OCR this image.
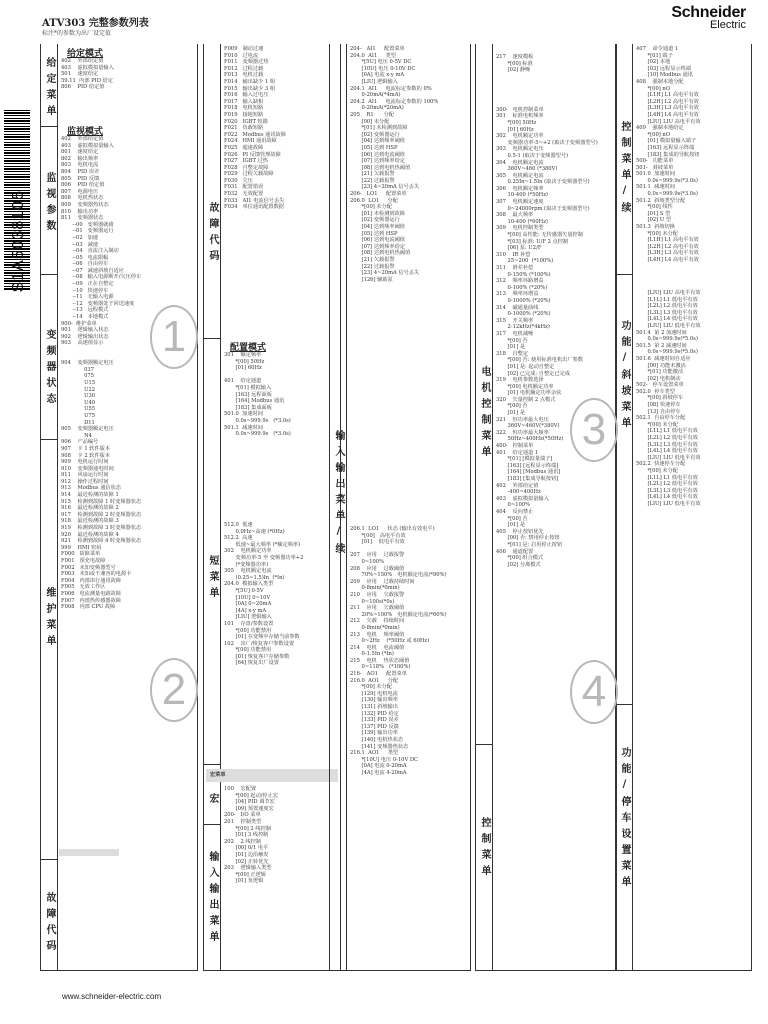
ATV303 完整参数列表
标注*的参数为出厂设定值
Schneider
Electric
S1A5038105
给定菜单
监视参数
变频器状态
维护菜单
故障代码
给定模式
402    外部给定值
403    虚拟模拟量输入
501    速度给定
59.11  内部 PID 给定
806    PID 给定值
监视模式
402    外部给定值
403    虚拟模拟量输入
801    速度给定
802    输出频率
803    电机电流
804    PID 误差
805    PID 反馈
806    PID 给定值
807    电源电压
808    电机热状态
809    变频器热状态
810    输出功率
811    变频器状态
--00   变频器就绪
--01   变频器运行
--02   加速
--03   减速
--04   直流注入制动
--05   电流限幅
--06   自由停车
--07   减速斜坡自适应
--08   输入电源断开/欠压停车
--09   正在自整定
--10   快速停车
--11   无输入电源
--12   变频器处于回送速度
--13   远程模式
--14   本地模式
900-  维护菜单
901    逻辑输入状态
902    逻辑输出状态
903    高速值显示

904    变频器额定电压
037
075
U15
U22
U30
U40
U55
U75
D11
905    变频器额定电压
N4
906    产品编号
907    卡 1 软件版本
908    卡 2 软件版本
909    电机运行时间
910    变频器通电时间
911    风扇运行时间
912    操作过程时间
913    Modbus 通信状态
914    最近检测的故障 1
915    检测到故障 1 时变频器状态
916    最近检测的故障 2
917    检测到故障 2 时变频器状态
918    最近检测的故障 3
919    检测到故障 3 时变频器状态
920    最近检测的故障 4
921    检测到故障 4 时变频器状态
999    HMI 密码
F000   故障菜单
F001   预充电故障
F002   未知变频器型号
F003   未知或不兼容的电源卡
F004   内部串行通讯故障
F005   无效工作区
F006   电流测量电路故障
F007   内部热传感器故障
F008   内部 CPU 故障
故障代码
短菜单
宏
输入输出菜单
F009   制动过速
F010   过电流
F011   变频器过热
F012   过程过载
F013   电机过载
F014   输出缺少 1 相
F015   输出缺少 3 相
F016   输入过电压
F017   输入缺相
F018   电机短路
F019   接地短路
F020   IGBT 短路
F021   负载短路
F022   Modbus 通讯故障
F024   HMI 通讯故障
F025   超速故障
F026   PI 反馈管理故障
F027   IGBT 过热
F028   自整定故障
F029   过程欠载故障
F030   欠压
F031   配置错误
F032   无效配置
F033   AI1 电流信号丢失
F034   单位通讯配置数据
配置模式
301    额定频率
*[00] 50Hz
[01] 60Hz

401    给定通道
*[01] 模拟输入
[163] 远程面板
[164] Modbus 通讯
[183] 集成面板
501.0  加速时间
0.0s~999.9s   (*3.0s)
501.1  减速时间
0.0s~999.9s   (*3.0s)
512.0  低速
0.0Hz~高速 (*0Hz)
512.2  高速
低速~最大频率 (*额定频率)
302    电机额定功率
变频功率-5 至 变频器功率+2
(*变频器功率)
305    电机额定电流
(0.25~1.5)In  (*In)
204.0  模拟输入类型
*[5U] 0-5V
[10U] 0~10V
[0A] 0~20mA
[4A] x-y mA
[LIU] 逻辑输入
101    存盘/参数设置
*[00] 功能禁用
[01] 在变频中存储当前参数
102    出厂/恢复客户参数设置
*[00] 功能禁用
[01] 恢复客户存储参数
[64] 恢复出厂设置
宏菜单
100    宏配置
*[00] 起动/停止宏
[04] PID 调节宏
[09] 预置速度宏
200-   I/O 菜单
201    控制类型
*[00] 2 线控制
[01] 3 线控制
202    2 线控制
[00] 0/1 电平
[01] 边沿触发
[02] 正转优先
203    逻辑输入类型
*[00] 正逻辑
[01] 负逻辑
输入输出菜单/续
204-   AI1     配置菜单
204.0  AI1     类型
*[5U] 电压 0-5V DC
[10U] 电压 0-10V DC
[0A] 电流 x-y mA
[LIU] 逻辑输入
204.1  AI1     电流标定参数的 0%
0-20mA(*4mA)
204.2  AI1     电流标定参数的 100%
0-20mA(*20mA)
205    R1      分配
[00] 未分配
*[01] 未检测到故障
[02] 变频器运行
[04] 达到频率阈值
[05] 达到 HSP
[06] 达到电流阈值
[07] 达到频率给定
[08] 达到电机热阈值
[21] 欠载报警
[22] 过载报警
[23] 4~20mA 信号丢失
206-   LO1     配置菜单
206.0  LO1     分配
*[00] 未分配
[01] 未检测到故障
[02] 变频器运行
[04] 达到频率阈值
[05] 达到 HSP
[06] 达到电流阈值
[07] 达到频率给定
[08] 达到电机热阈值
[21] 欠载报警
[22] 过载报警
[23] 4~20mA 信号丢失
[126] 辅助泵
206.1  LO1     状态 (输出有效电平)
*[00]   高电平有效
[01]    低电平有效

207    应用    过载报警
0~100%
208    应用    过载阈值
70%~150%   电机额定电流(*90%)
209    应用    过载持续时间
0-8min(*0min)
210    应用    欠载报警
0~100s(*0s)
211    应用    欠载阈值
20%~100%   电机额定电流(*60%)
212    欠载    持续时间
0-8min(*0min)
213    电机    频率阈值
0~2Hz    (*50Hz 或 60Hz)
214    电机    电流阈值
0-1.5In (*In)
215    电机    热状态阈值
0~118%   (*100%)
216-   AO1     配置菜单
216.0  AO1     分配
*[00] 未分配
[129] 电机电流
[130] 输出频率
[131] 斜坡输出
[132] PID 给定
[133] PID 误差
[137] PID 反馈
[139] 输出功率
[140] 电机热状态
[141] 变频器热状态
216.1  AO1     类型
*[10U] 电压 0-10V DC
[0A] 电流 0-20mA
[4A] 电流 4-20mA
电机控制菜单
控制菜单
217    速度模板
*[00] 标准
[02] 静噪

300-   电机控制菜单
301    标准电机频率
*[00] 50Hz
[01] 60Hz
302    电机额定功率
变频器功率-5~+2 (取决于变频器型号)
303    电机额定电压
0.5-1 (取决于变频器型号)
304    电机额定电流
360V~460 (*380V)
305    电机额定电流
0.25In~1.5In (取决于变频器型号)
306    电机额定频率
10-400 (*50Hz)
307    电机额定速度
0~24000rpm (取决于变频器型号)
308    最大频率
10-400 (*60Hz)
309    电机控制类型
*[00] 高性能: 无传感器矢量控制
*[03] 标准: U/F 2 点控制
[06] 泵: U2/F
310    IR 补偿
25~200  (*100%)
311    滑差补偿
0-150% (*100%)
312    频率环路增益
0-100% (*20%)
313    频率环增益
0-1000% (*20%)
314    磁通量曲线
0-1000% (*20%)
315    开关频率
2-12kHz(*4kHz)
317    电机减噪
*[00] 否
[01] 是
318    自整定
*[00] 否: 使用标准电机出厂参数
[01] 是: 起动自整定
[02] 已完成: 自整定已完成
319    电机参数选择
*[00] 电机额定功率
[01] 电机额定功率余弦
320    矢量控制 2 点模式
*[00] 否
[01] 是
321    恒功率最大电压
360V~460V(*380V)
322    恒功率最大频率
50Hz~400Hz(*50Hz)
400-   控制菜单
401    给定通道 1
*[01] [模拟量端子]
[163] [远程显示终端]
[164] [Modbus 通讯]
[183] [集成导航按钮]
402    外部给定值
-400~400Hz
403    虚拟模拟量输入
0~100%
404    反向禁止
*[00] 否
[01] 是
405    停止按钮优先
[00] 否: 禁用停止按钮
*[01] 是: 启用停止按钮
406    通道配置
*[00] 组合模式
[02] 分离模式
控制菜单/续
功能/斜坡菜单
功能/停车设置菜单
407    命令通道 1
*[01] 端子
[02] 本地
[03] 远程显示终端
[10] Modbus 通讯
408    强制本地分配
*[00] nO
[L1H] L1 高电平有效
[L2H] L2 高电平有效
[L3H] L3 高电平有效
[L4H] L4 高电平有效
[LIU] LIU 高电平有效
409    强制本地给定
*[00] nO
[01] 模拟量输入端子
[163] 远程显示终端
[183] 集成的导航按钮
500-   功能菜单
501-   斜坡菜单
501.0  加速时间
0.0s~999.9s(*3.0s)
501.1  减速时间
0.0s~999.9s(*3.0s)
501.2  斜坡类型分配
*[00] 线性
[01] S 型
[02] U 型
501.3  斜坡切换
*[00] 未分配
[L1H] L1 高电平有效
[L2H] L2 高电平有效
[L3H] L3 高电平有效
[L4H] L4 高电平有效

[LIU] LIU 高电平有效
[L1L] L1 低电平有效
[L2L] L2 低电平有效
[L3L] L3 低电平有效
[L4L] L4 低电平有效
[LIU] LIU 低电平有效
501.4  第 2 加速时间
0.0s~999.9s(*5.0s)
501.5  第 2 减速时间
0.0s~999.9s(*5.0s)
501.6  减速时间自适应
[00] 功能未激活
*[01] 功能激活
[02] 电机制动
502-   停车设置菜单
502.0  停车类型
*[00] 斜坡停车
[08] 快速停车
[13] 自由停车
502.1  自由停车分配
*[00] 未分配
[L1L] L1 低电平有效
[L2L] L2 低电平有效
[L3L] L3 低电平有效
[L4L] L4 低电平有效
[LIU] LIU 低电平有效
502.2  快速停车分配
*[00] 未分配
[L1L] L1 低电平有效
[L2L] L2 低电平有效
[L3L] L3 低电平有效
[L4L] L4 低电平有效
[LIU] LIU 低电平有效
1
2
3
4
www.schneider-electric.com
